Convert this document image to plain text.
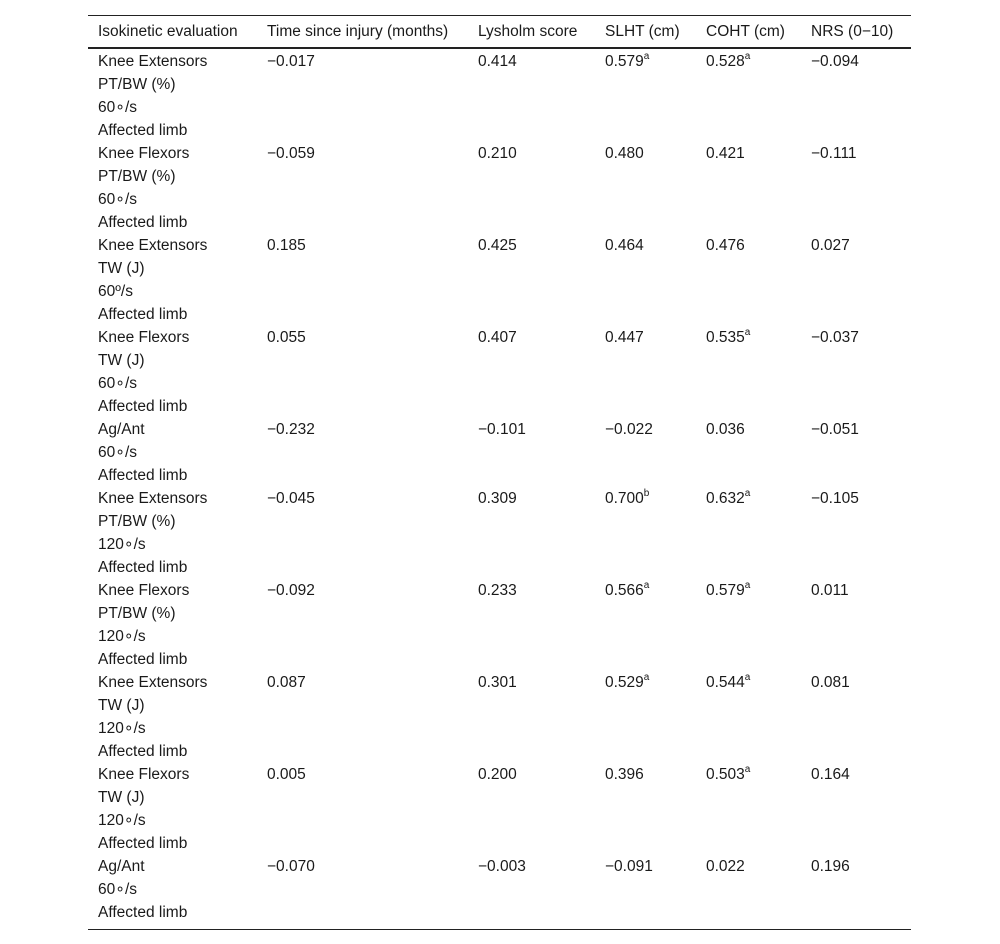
Isokinetic evaluation	Time since injury (months)	Lysholm score	SLHT (cm)	COHT (cm)	NRS (0−10)

Knee Extensors
PT/BW (%)
60∘/s
Affected limb	−0.017	0.414	0.579$^a$	0.528$^a$	−0.094

Knee Flexors
PT/BW (%)
60∘/s
Affected limb	−0.059	0.210	0.480	0.421	−0.111

Knee Extensors
TW (J)
60º/s
Affected limb	0.185	0.425	0.464	0.476	0.027

Knee Flexors
TW (J)
60∘/s
Affected limb	0.055	0.407	0.447	0.535$^a$	−0.037

Ag/Ant
60∘/s
Affected limb	−0.232	−0.101	−0.022	0.036	−0.051

Knee Extensors
PT/BW (%)
120∘/s
Affected limb	−0.045	0.309	0.700$^b$	0.632$^a$	−0.105

Knee Flexors
PT/BW (%)
120∘/s
Affected limb	−0.092	0.233	0.566$^a$	0.579$^a$	0.011

Knee Extensors
TW (J)
120∘/s
Affected limb	0.087	0.301	0.529$^a$	0.544$^a$	0.081

Knee Flexors
TW (J)
120∘/s
Affected limb	0.005	0.200	0.396	0.503$^a$	0.164

Ag/Ant
60∘/s
Affected limb	−0.070	−0.003	−0.091	0.022	0.196
